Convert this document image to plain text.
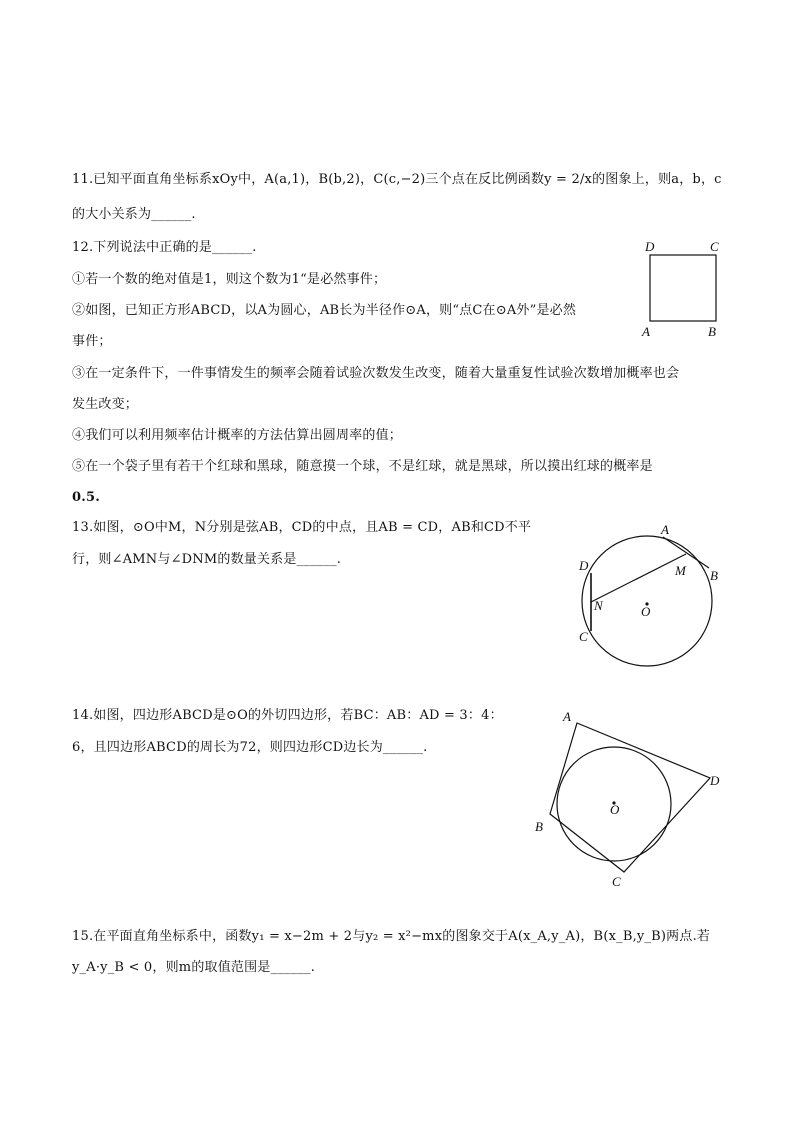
11.已知平面直角坐标系xOy中，A(a,1)，B(b,2)，C(c,−2)三个点在反比例函数y = 2/x的图象上，则a，b，c
的大小关系为______.
12.下列说法中正确的是______.
①若一个数的绝对值是1，则这个数为1“是必然事件；
②如图，已知正方形ABCD，以A为圆心，AB长为半径作⊙A，则“点C在⊙A外”是必然
事件；
③在一定条件下，一件事情发生的频率会随着试验次数发生改变，随着大量重复性试验次数增加概率也会
发生改变；
④我们可以利用频率估计概率的方法估算出圆周率的值；
⑤在一个袋子里有若干个红球和黑球，随意摸一个球，不是红球，就是黑球，所以摸出红球的概率是
0.5.
D	C
A	B
13.如图，⊙O中M，N分别是弦AB，CD的中点，且AB = CD，AB和CD不平
行，则∠AMN与∠DNM的数量关系是______.
A
B
C
D	M
N	O
14.如图，四边形ABCD是⊙O的外切四边形，若BC：AB：AD = 3：4：
6，且四边形ABCD的周长为72，则四边形CD边长为______.
A
B
C
D
O
15.在平面直角坐标系中，函数y₁ = x−2m + 2与y₂ = x²−mx的图象交于A(x_A,y_A)，B(x_B,y_B)两点.若
y_A·y_B < 0，则m的取值范围是______.
